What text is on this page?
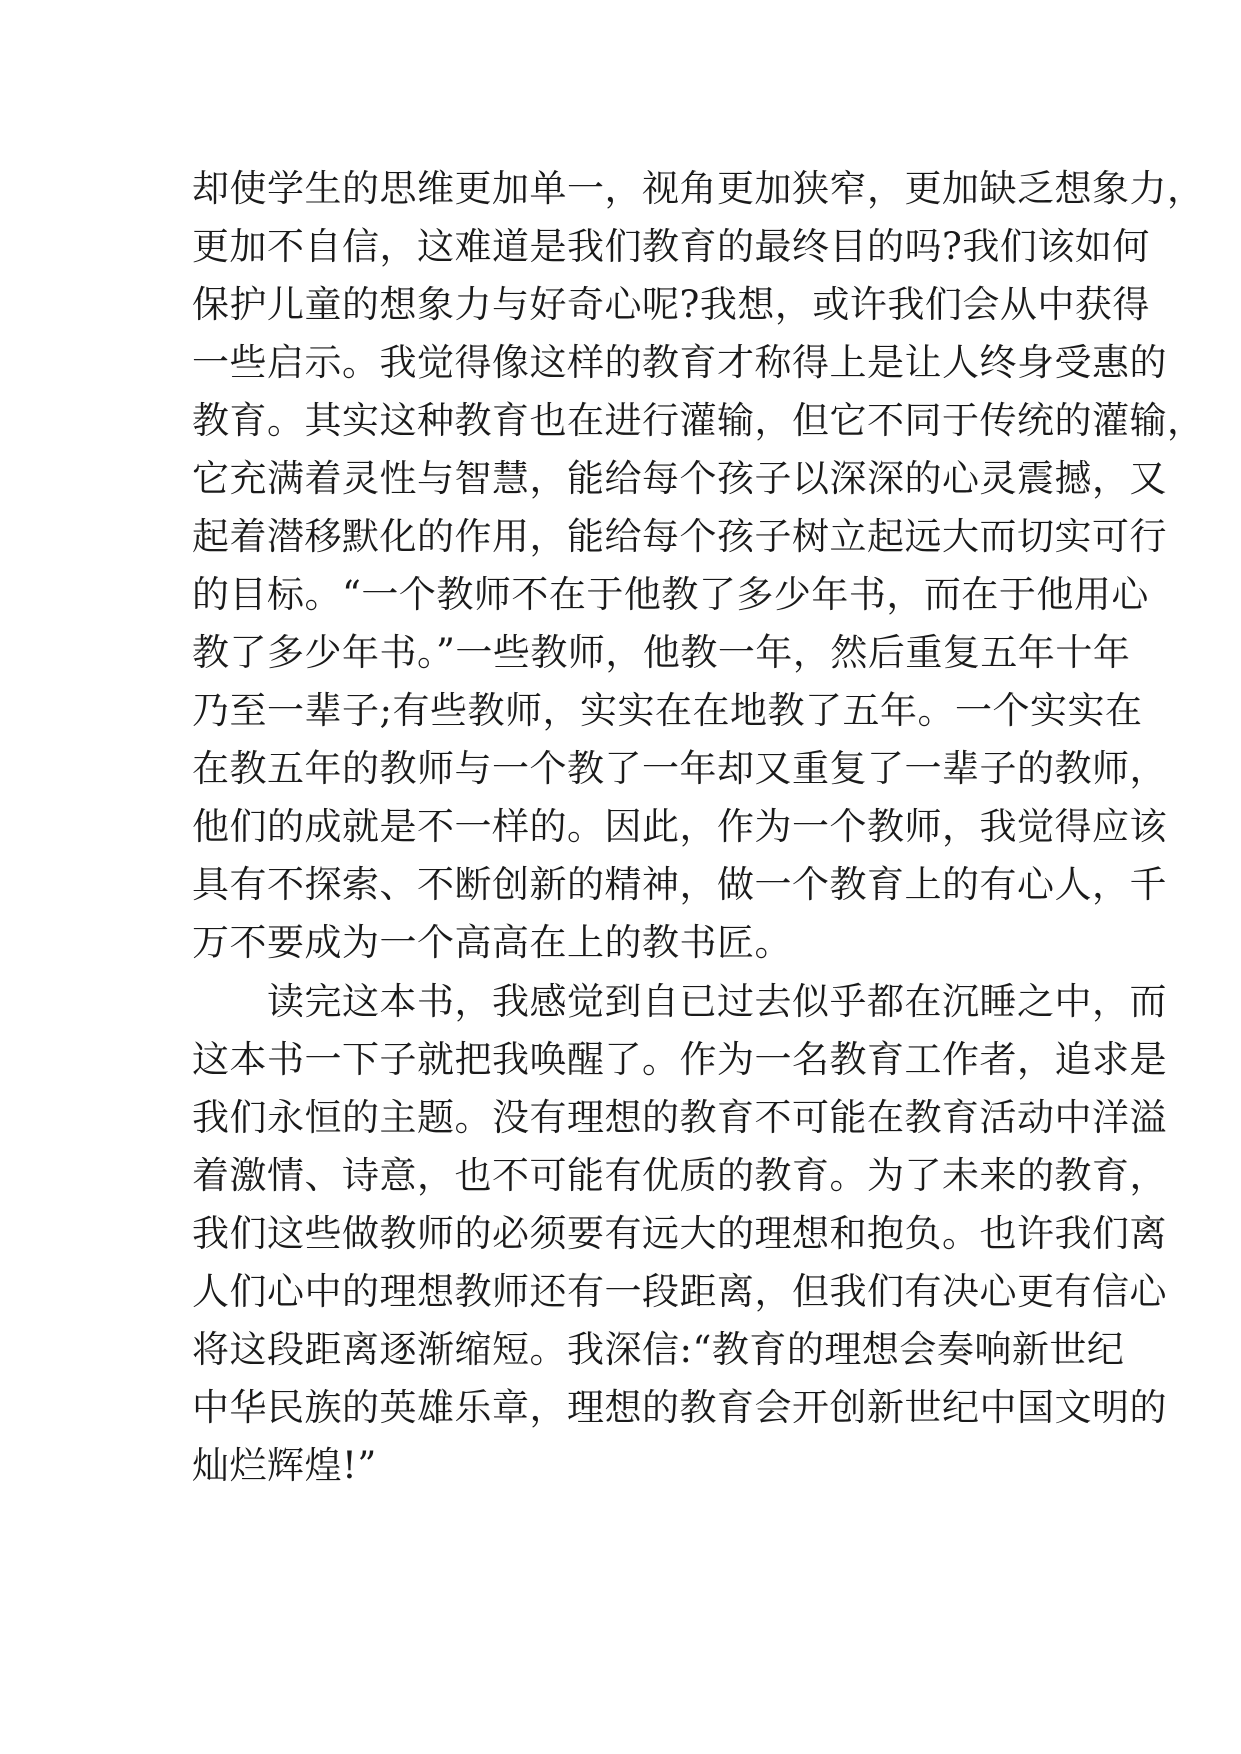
却使学生的思维更加单一，视角更加狭窄，更加缺乏想象力，
更加不自信，这难道是我们教育的最终目的吗?我们该如何
保护儿童的想象力与好奇心呢?我想，或许我们会从中获得
一些启示。我觉得像这样的教育才称得上是让人终身受惠的
教育。其实这种教育也在进行灌输，但它不同于传统的灌输，
它充满着灵性与智慧，能给每个孩子以深深的心灵震撼，又
起着潜移默化的作用，能给每个孩子树立起远大而切实可行
的目标。“一个教师不在于他教了多少年书，而在于他用心
教了多少年书。”一些教师，他教一年，然后重复五年十年
乃至一辈子;有些教师，实实在在地教了五年。一个实实在
在教五年的教师与一个教了一年却又重复了一辈子的教师，
他们的成就是不一样的。因此，作为一个教师，我觉得应该
具有不探索、不断创新的精神，做一个教育上的有心人，千
万不要成为一个高高在上的教书匠。
　　读完这本书，我感觉到自已过去似乎都在沉睡之中，而
这本书一下子就把我唤醒了。作为一名教育工作者，追求是
我们永恒的主题。没有理想的教育不可能在教育活动中洋溢
着激情、诗意，也不可能有优质的教育。为了未来的教育，
我们这些做教师的必须要有远大的理想和抱负。也许我们离
人们心中的理想教师还有一段距离，但我们有决心更有信心
将这段距离逐渐缩短。我深信:“教育的理想会奏响新世纪
中华民族的英雄乐章，理想的教育会开创新世纪中国文明的
灿烂辉煌!”
